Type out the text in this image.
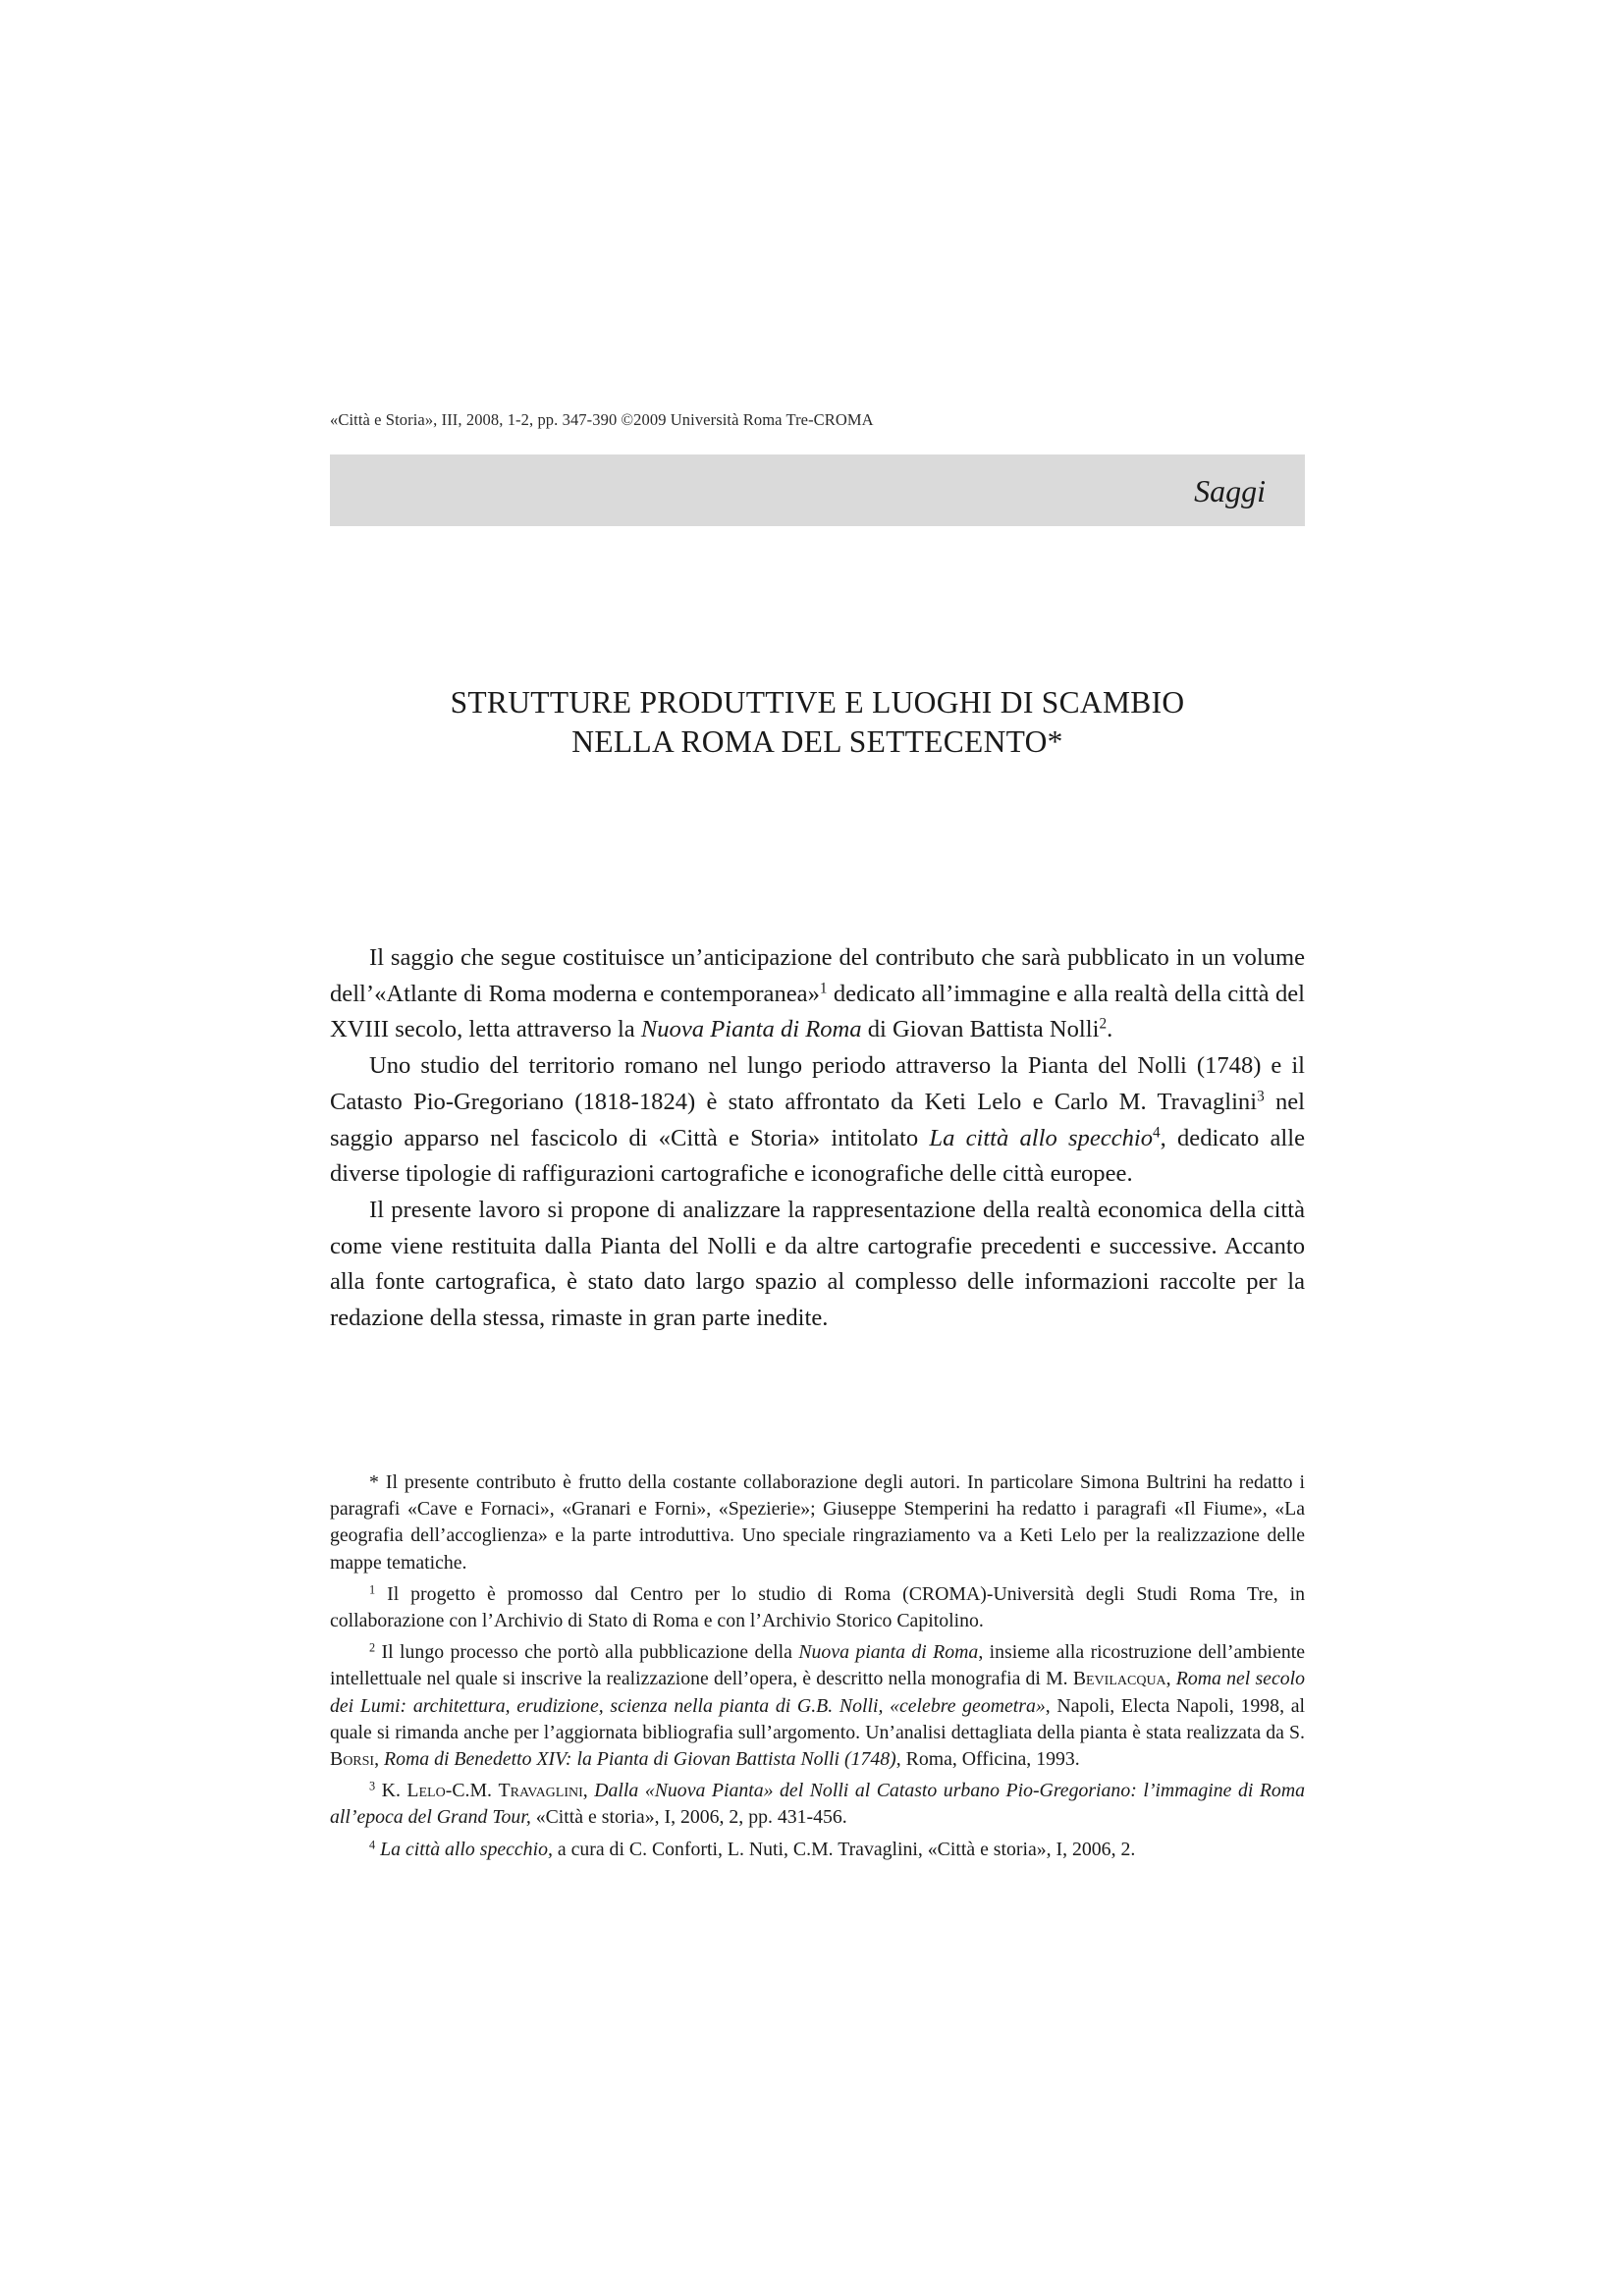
«Città e Storia», III, 2008, 1-2, pp. 347-390 ©2009 Università Roma Tre-CROMA
Saggi
STRUTTURE PRODUTTIVE E LUOGHI DI SCAMBIO
NELLA ROMA DEL SETTECENTO*

Il saggio che segue costituisce un’anticipazione del contributo che sarà pubblicato in un volume dell’«Atlante di Roma moderna e contemporanea»$^1$ dedicato all’immagine e alla realtà della città del XVIII secolo, letta attraverso la Nuova Pianta di Roma di Giovan Battista Nolli$^2$.

Uno studio del territorio romano nel lungo periodo attraverso la Pianta del Nolli (1748) e il Catasto Pio-Gregoriano (1818-1824) è stato affrontato da Keti Lelo e Carlo M. Travaglini$^3$ nel saggio apparso nel fascicolo di «Città e Storia» intitolato La città allo specchio$^4$, dedicato alle diverse tipologie di raffigurazioni cartografiche e iconografiche delle città europee.

Il presente lavoro si propone di analizzare la rappresentazione della realtà economica della città come viene restituita dalla Pianta del Nolli e da altre cartografie precedenti e successive. Accanto alla fonte cartografica, è stato dato largo spazio al complesso delle informazioni raccolte per la redazione della stessa, rimaste in gran parte inedite.

* Il presente contributo è frutto della costante collaborazione degli autori. In particolare Simona Bultrini ha redatto i paragrafi «Cave e Fornaci», «Granari e Forni», «Spezierie»; Giuseppe Stemperini ha redatto i paragrafi «Il Fiume», «La geografia dell’accoglienza» e la parte introduttiva. Uno speciale ringraziamento va a Keti Lelo per la realizzazione delle mappe tematiche.

$^1$ Il progetto è promosso dal Centro per lo studio di Roma (CROMA)-Università degli Studi Roma Tre, in collaborazione con l’Archivio di Stato di Roma e con l’Archivio Storico Capitolino.

$^2$ Il lungo processo che portò alla pubblicazione della Nuova pianta di Roma, insieme alla ricostruzione dell’ambiente intellettuale nel quale si inscrive la realizzazione dell’opera, è descritto nella monografia di M. Bevilacqua, Roma nel secolo dei Lumi: architettura, erudizione, scienza nella pianta di G.B. Nolli, «celebre geometra», Napoli, Electa Napoli, 1998, al quale si rimanda anche per l’aggiornata bibliografia sull’argomento. Un’analisi dettagliata della pianta è stata realizzata da S. Borsi, Roma di Benedetto XIV: la Pianta di Giovan Battista Nolli (1748), Roma, Officina, 1993.

$^3$ K. Lelo-C.M. Travaglini, Dalla «Nuova Pianta» del Nolli al Catasto urbano Pio-Gregoriano: l’immagine di Roma all’epoca del Grand Tour, «Città e storia», I, 2006, 2, pp. 431-456.

$^4$ La città allo specchio, a cura di C. Conforti, L. Nuti, C.M. Travaglini, «Città e storia», I, 2006, 2.
